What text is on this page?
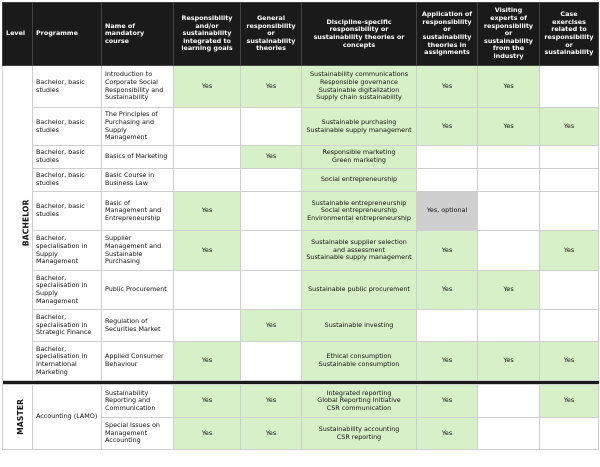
Level	Programme	Name of mandatory course	Responsibility and/or sustainability integrated to learning goals	General responsibility or sustainability theories	Discipline-specific responsibility or sustainability theories or concepts	Application of responsibility or sustainability theories in assignments	Visiting experts of responsibility or sustainability from the industry	Case exercises related to responsibility or sustainability
BACHELOR	Bachelor, basic studies	Introduction to Corporate Social Responsibility and Sustainability	Yes	Yes	Sustainability communications
Responsible governance
Sustainable digitalization
Supply chain sustainability	Yes	Yes	
	Bachelor, basic studies	The Principles of Purchasing and Supply Management			Sustainable purchasing
Sustainable supply management	Yes	Yes	Yes
	Bachelor, basic studies	Basics of Marketing		Yes	Responsible marketing
Green marketing			
	Bachelor, basic studies	Basic Course in Business Law			Social entrepreneurship			
	Bachelor, basic studies	Basic of Management and Entrepreneurship	Yes		Sustainable entrepreneurship
Social entrepreneurship
Environmental entrepreneurship	Yes, optional		
	Bachelor, specialisation in Supply Management	Supplier Management and Sustainable Purchasing	Yes		Sustainable supplier selection and assessment
Sustainable supply management	Yes		Yes
	Bachelor, specialisation in Supply Management	Public Procurement			Sustainable public procurement	Yes	Yes	
	Bachelor, specialisation in Strategic Finance	Regulation of Securities Market		Yes	Sustainable investing			
	Bachelor, specialisation in International Marketing	Applied Consumer Behaviour	Yes		Ethical consumption
Sustainable consumption	Yes	Yes	Yes

MASTER	Accounting (LAMO)	Sustainability Reporting and Communication	Yes	Yes	Integrated reporting
Global Reporting Initiative
CSR communication	Yes		Yes
		Special Issues on Management Accounting	Yes	Yes	Sustainability accounting
CSR reporting	Yes		
